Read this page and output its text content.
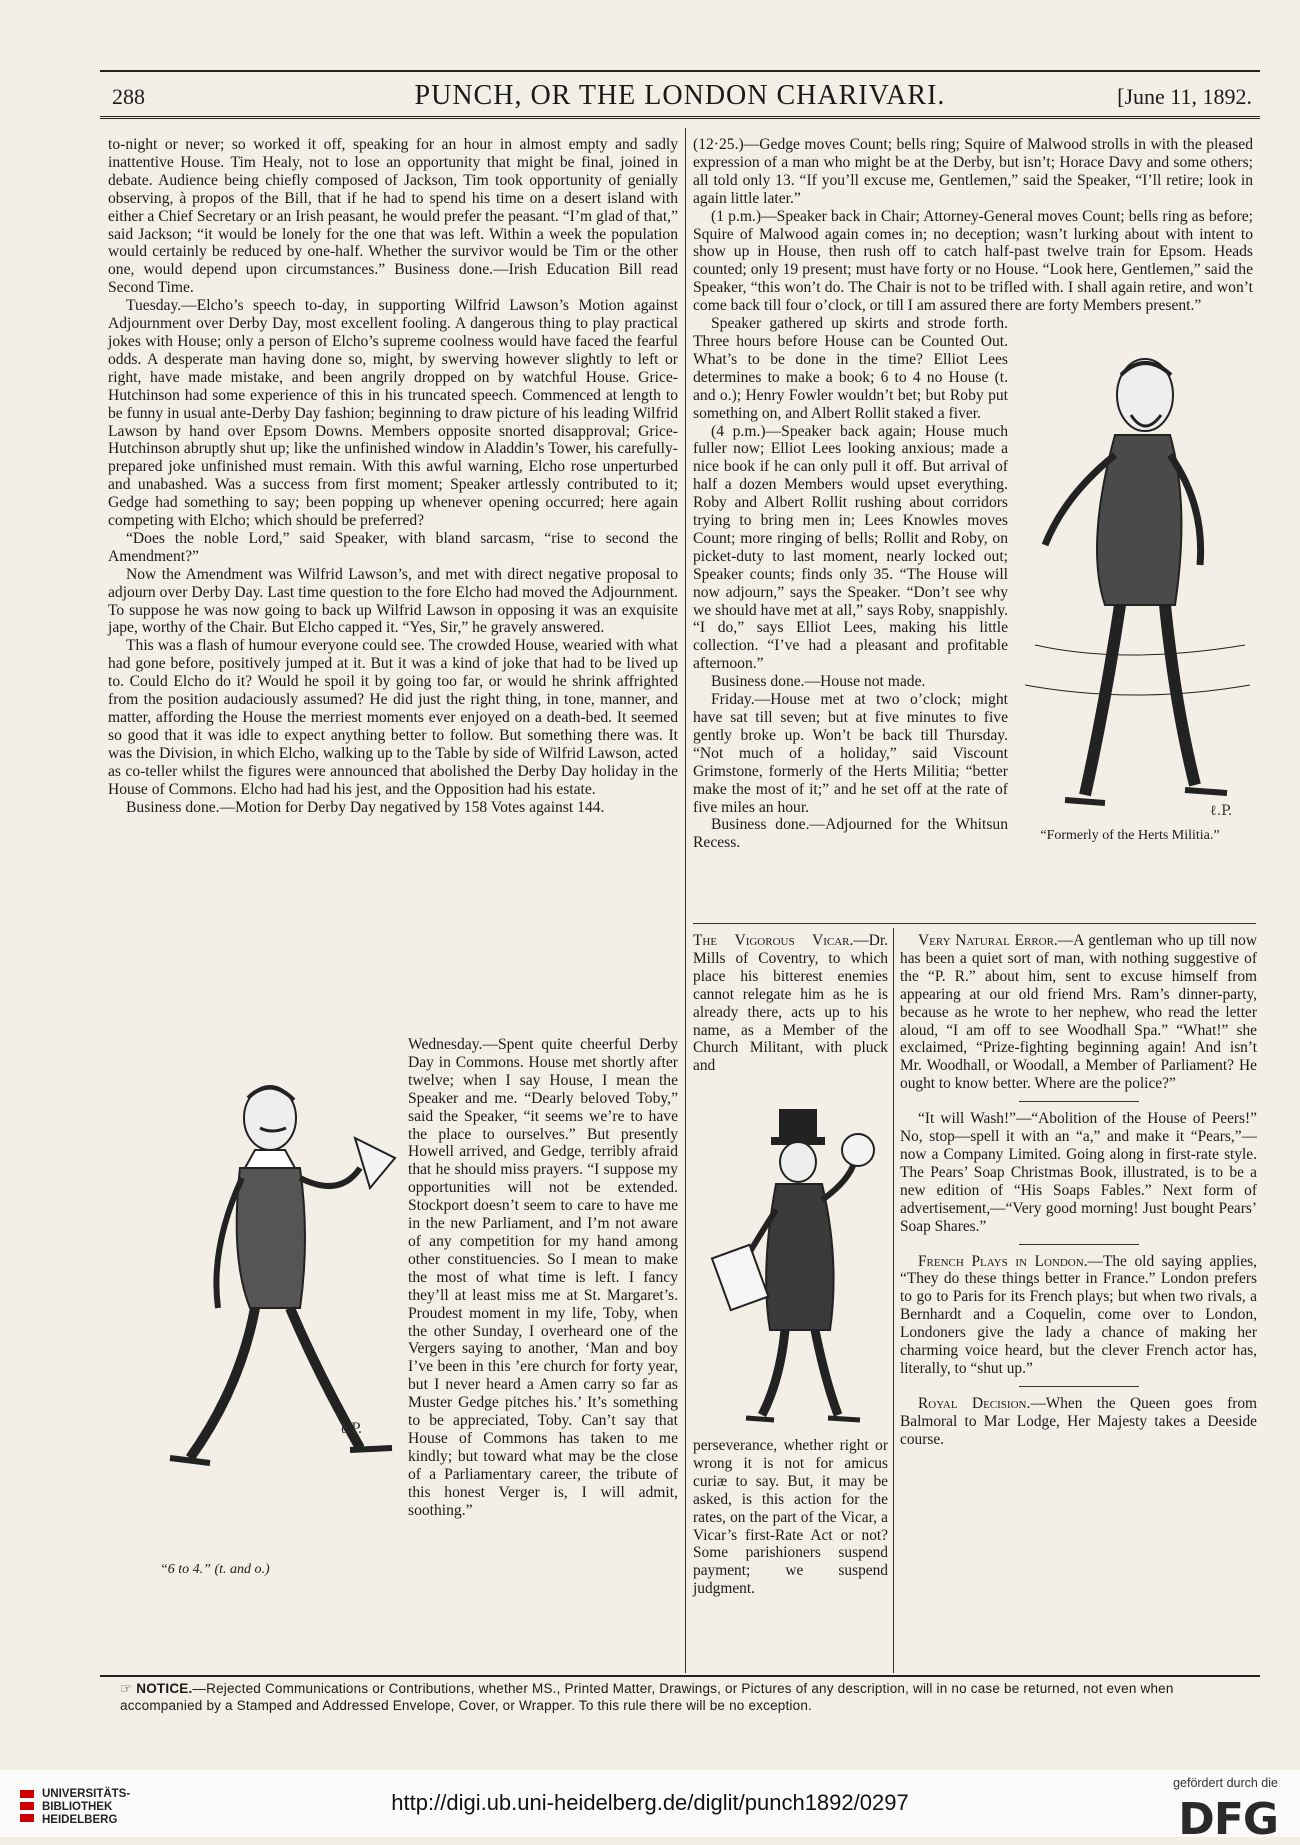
288	PUNCH, OR THE LONDON CHARIVARI.	[June 11, 1892.

to-night or never; so worked it off, speaking for an hour in almost empty and sadly inattentive House. Tim Healy, not to lose an opportunity that might be final, joined in debate. Audience being chiefly composed of Jackson, Tim took opportunity of genially observing, à propos of the Bill, that if he had to spend his time on a desert island with either a Chief Secretary or an Irish peasant, he would prefer the peasant. “I’m glad of that,” said Jackson; “it would be lonely for the one that was left. Within a week the population would certainly be reduced by one-half. Whether the survivor would be Tim or the other one, would depend upon circumstances.” Business done.—Irish Education Bill read Second Time.

Tuesday.—Elcho’s speech to-day, in supporting Wilfrid Lawson’s Motion against Adjournment over Derby Day, most excellent fooling. A dangerous thing to play practical jokes with House; only a person of Elcho’s supreme coolness would have faced the fearful odds. A desperate man having done so, might, by swerving however slightly to left or right, have made mistake, and been angrily dropped on by watchful House. Grice-Hutchinson had some experience of this in his truncated speech. Commenced at length to be funny in usual ante-Derby Day fashion; beginning to draw picture of his leading Wilfrid Lawson by hand over Epsom Downs. Members opposite snorted disapproval; Grice-Hutchinson abruptly shut up; like the unfinished window in Aladdin’s Tower, his carefully-prepared joke unfinished must remain. With this awful warning, Elcho rose unperturbed and unabashed. Was a success from first moment; Speaker artlessly contributed to it; Gedge had something to say; been popping up whenever opening occurred; here again competing with Elcho; which should be preferred?

“Does the noble Lord,” said Speaker, with bland sarcasm, “rise to second the Amendment?”

Now the Amendment was Wilfrid Lawson’s, and met with direct negative proposal to adjourn over Derby Day. Last time question to the fore Elcho had moved the Adjournment. To suppose he was now going to back up Wilfrid Lawson in opposing it was an exquisite jape, worthy of the Chair. But Elcho capped it. “Yes, Sir,” he gravely answered.

This was a flash of humour everyone could see. The crowded House, wearied with what had gone before, positively jumped at it. But it was a kind of joke that had to be lived up to. Could Elcho do it? Would he spoil it by going too far, or would he shrink affrighted from the position audaciously assumed? He did just the right thing, in tone, manner, and matter, affording the House the merriest moments ever enjoyed on a death-bed. It seemed so good that it was idle to expect anything better to follow. But something there was. It was the Division, in which Elcho, walking up to the Table by side of Wilfrid Lawson, acted as co-teller whilst the figures were announced that abolished the Derby Day holiday in the House of Commons. Elcho had had his jest, and the Opposition had his estate.

Business done.—Motion for Derby Day negatived by 158 Votes against 144.

Wednesday.—Spent quite cheerful Derby Day in Commons. House met shortly after twelve; when I say House, I mean the Speaker and me. “Dearly beloved Toby,” said the Speaker, “it seems we’re to have the place to ourselves.” But presently Howell arrived, and Gedge, terribly afraid that he should miss prayers. “I suppose my opportunities will not be extended. Stockport doesn’t seem to care to have me in the new Parliament, and I’m not aware of any competition for my hand among other constituencies. So I mean to make the most of what time is left. I fancy they’ll at least miss me at St. Margaret’s. Proudest moment in my life, Toby, when the other Sunday, I overheard one of the Vergers saying to another, ‘Man and boy I’ve been in this ’ere church for forty year, but I never heard a Amen carry so far as Muster Gedge pitches his.’ It’s something to be appreciated, Toby. Can’t say that House of Commons has taken to me kindly; but toward what may be the close of a Parliamentary career, the tribute of this honest Verger is, I will admit, soothing.”

ℓ.P.
“6 to 4.” (t. and o.)

(12·25.)—Gedge moves Count; bells ring; Squire of Malwood strolls in with the pleased expression of a man who might be at the Derby, but isn’t; Horace Davy and some others; all told only 13. “If you’ll excuse me, Gentlemen,” said the Speaker, “I’ll retire; look in again little later.”

(1 p.m.)—Speaker back in Chair; Attorney-General moves Count; bells ring as before; Squire of Malwood again comes in; no deception; wasn’t lurking about with intent to show up in House, then rush off to catch half-past twelve train for Epsom. Heads counted; only 19 present; must have forty or no House. “Look here, Gentlemen,” said the Speaker, “this won’t do. The Chair is not to be trifled with. I shall again retire, and won’t come back till four o’clock, or till I am assured there are forty Members present.”

Speaker gathered up skirts and strode forth. Three hours before House can be Counted Out. What’s to be done in the time? Elliot Lees determines to make a book; 6 to 4 no House (t. and o.); Henry Fowler wouldn’t bet; but Roby put something on, and Albert Rollit staked a fiver.

(4 p.m.)—Speaker back again; House much fuller now; Elliot Lees looking anxious; made a nice book if he can only pull it off. But arrival of half a dozen Members would upset everything. Roby and Albert Rollit rushing about corridors trying to bring men in; Lees Knowles moves Count; more ringing of bells; Rollit and Roby, on picket-duty to last moment, nearly locked out; Speaker counts; finds only 35. “The House will now adjourn,” says the Speaker. “Don’t see why we should have met at all,” says Roby, snappishly. “I do,” says Elliot Lees, making his little collection. “I’ve had a pleasant and profitable afternoon.”

Business done.—House not made.

Friday.—House met at two o’clock; might have sat till seven; but at five minutes to five gently broke up. Won’t be back till Thursday. “Not much of a holiday,” said Viscount Grimstone, formerly of the Herts Militia; “better make the most of it;” and he set off at the rate of five miles an hour.

Business done.—Adjourned for the Whitsun Recess.

ℓ.P.
“Formerly of the Herts Militia.”

The Vigorous Vicar.—Dr. Mills of Coventry, to which place his bitterest enemies cannot relegate him as he is already there, acts up to his name, as a Member of the Church Militant, with pluck and

perseverance, whether right or wrong it is not for amicus curiæ to say. But, it may be asked, is this action for the rates, on the part of the Vicar, a Vicar’s first-Rate Act or not? Some parishioners suspend payment; we suspend judgment.

Very Natural Error.—A gentleman who up till now has been a quiet sort of man, with nothing suggestive of the “P. R.” about him, sent to excuse himself from appearing at our old friend Mrs. Ram’s dinner-party, because as he wrote to her nephew, who read the letter aloud, “I am off to see Woodhall Spa.” “What!” she exclaimed, “Prize-fighting beginning again! And isn’t Mr. Woodhall, or Woodall, a Member of Parliament? He ought to know better. Where are the police?”

“It will Wash!”—“Abolition of the House of Peers!” No, stop—spell it with an “a,” and make it “Pears,”—now a Company Limited. Going along in first-rate style. The Pears’ Soap Christmas Book, illustrated, is to be a new edition of “His Soaps Fables.” Next form of advertisement,—“Very good morning! Just bought Pears’ Soap Shares.”

French Plays in London.—The old saying applies, “They do these things better in France.” London prefers to go to Paris for its French plays; but when two rivals, a Bernhardt and a Coquelin, come over to London, Londoners give the lady a chance of making her charming voice heard, but the clever French actor has, literally, to “shut up.”

Royal Decision.—When the Queen goes from Balmoral to Mar Lodge, Her Majesty takes a Deeside course.

☞ NOTICE.—Rejected Communications or Contributions, whether MS., Printed Matter, Drawings, or Pictures of any description, will in no case be returned, not even when accompanied by a Stamped and Addressed Envelope, Cover, or Wrapper. To this rule there will be no exception.
UNIVERSITÄTS-
BIBLIOTHEK
HEIDELBERG
http://digi.ub.uni-heidelberg.de/diglit/punch1892/0297
gefördert durch die
DFG
